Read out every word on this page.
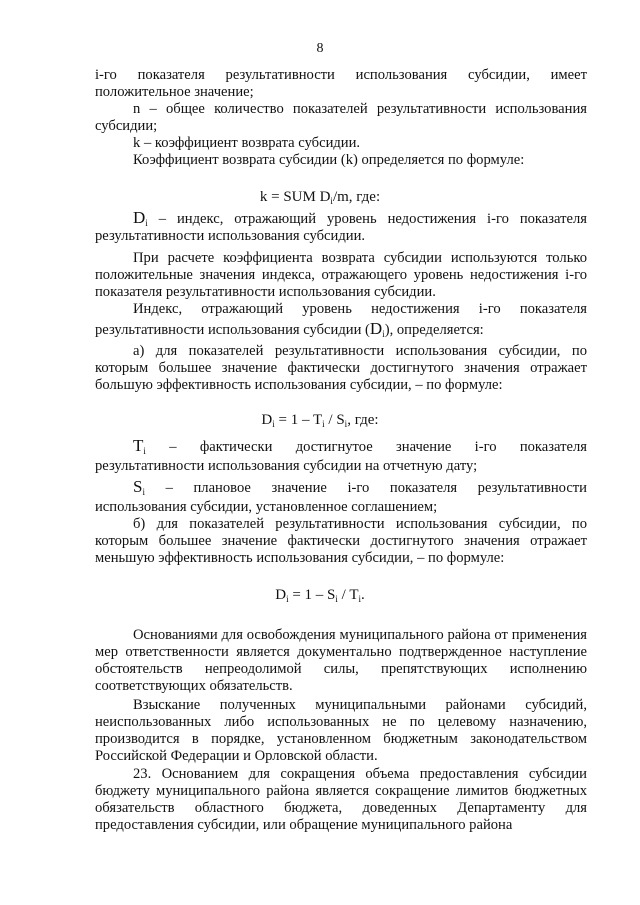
8
i-го показателя результативности использования субсидии, имеет
положительное значение;
n – общее количество показателей результативности использования субсидии;
k – коэффициент возврата субсидии.
Коэффициент возврата субсидии (k) определяется по формуле:
k = SUM $D_i/m$, где:
$D_i$ – индекс, отражающий уровень недостижения i-го показателя результативности использования субсидии.
При расчете коэффициента возврата субсидии используются только положительные значения индекса, отражающего уровень недостижения i-го показателя результативности использования субсидии.
Индекс, отражающий уровень недостижения i-го показателя
результативности использования субсидии $(D_i)$, определяется:
а) для показателей результативности использования субсидии, по которым большее значение фактически достигнутого значения отражает большую эффективность использования субсидии, – по формуле:
$D_i = 1 - T_i / S_i$, где:
$T_i$ – фактически достигнутое значение i-го показателя
результативности использования субсидии на отчетную дату;
$S_i$ – плановое значение i-го показателя результативности
использования субсидии, установленное соглашением;
б) для показателей результативности использования субсидии, по которым большее значение фактически достигнутого значения отражает меньшую эффективность использования субсидии, – по формуле:
$D_i = 1 - S_i / T_i$.
Основаниями для освобождения муниципального района от применения мер ответственности является документально подтвержденное наступление обстоятельств непреодолимой силы, препятствующих исполнению соответствующих обязательств.
Взыскание полученных муниципальными районами субсидий, неиспользованных либо использованных не по целевому назначению, производится в порядке, установленном бюджетным законодательством Российской Федерации и Орловской области.
23. Основанием для сокращения объема предоставления субсидии бюджету муниципального района является сокращение лимитов бюджетных обязательств областного бюджета, доведенных Департаменту для предоставления субсидии, или обращение муниципального района
